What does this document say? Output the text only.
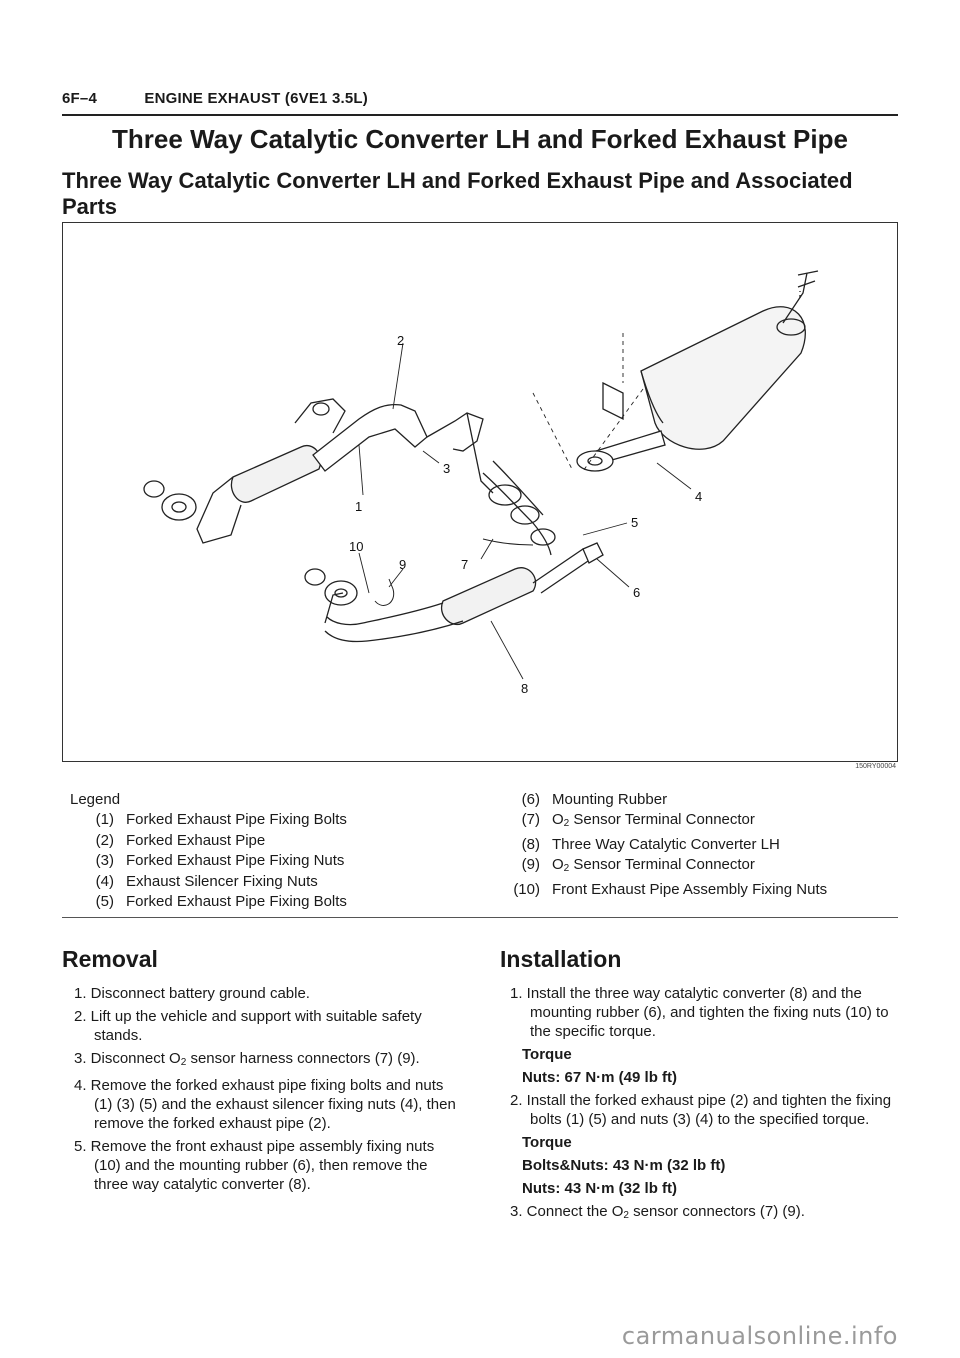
6F–4	ENGINE EXHAUST (6VE1 3.5L)
Three Way Catalytic Converter LH and Forked Exhaust Pipe
Three Way Catalytic Converter LH and Forked Exhaust Pipe and Associated Parts
2
1
3
4
5
6
7
8
9
10
150RY00004
Legend
(1) Forked Exhaust Pipe Fixing Bolts
(2) Forked Exhaust Pipe
(3) Forked Exhaust Pipe Fixing Nuts
(4) Exhaust Silencer Fixing Nuts
(5) Forked Exhaust Pipe Fixing Bolts
(6) Mounting Rubber
(7) $O_2$ Sensor Terminal Connector
(8) Three Way Catalytic Converter LH
(9) $O_2$ Sensor Terminal Connector
(10) Front Exhaust Pipe Assembly Fixing Nuts
Removal
1. Disconnect battery ground cable.
2. Lift up the vehicle and support with suitable safety stands.
3. Disconnect $O_2$ sensor harness connectors (7) (9).
4. Remove the forked exhaust pipe fixing bolts and nuts (1) (3) (5) and the exhaust silencer fixing nuts (4), then remove the forked exhaust pipe (2).
5. Remove the front exhaust pipe assembly fixing nuts (10) and the mounting rubber (6), then remove the three way catalytic converter (8).
Installation
1. Install the three way catalytic converter (8) and the mounting rubber (6), and tighten the fixing nuts (10) to the specific torque.
Torque
Nuts: 67 N·m (49 lb ft)
2. Install the forked exhaust pipe (2) and tighten the fixing bolts (1) (5) and nuts (3) (4) to the specified torque.
Torque
Bolts&Nuts: 43 N·m (32 lb ft)
Nuts: 43 N·m (32 lb ft)
3. Connect the $O_2$ sensor connectors (7) (9).
carmanualsonline.info
